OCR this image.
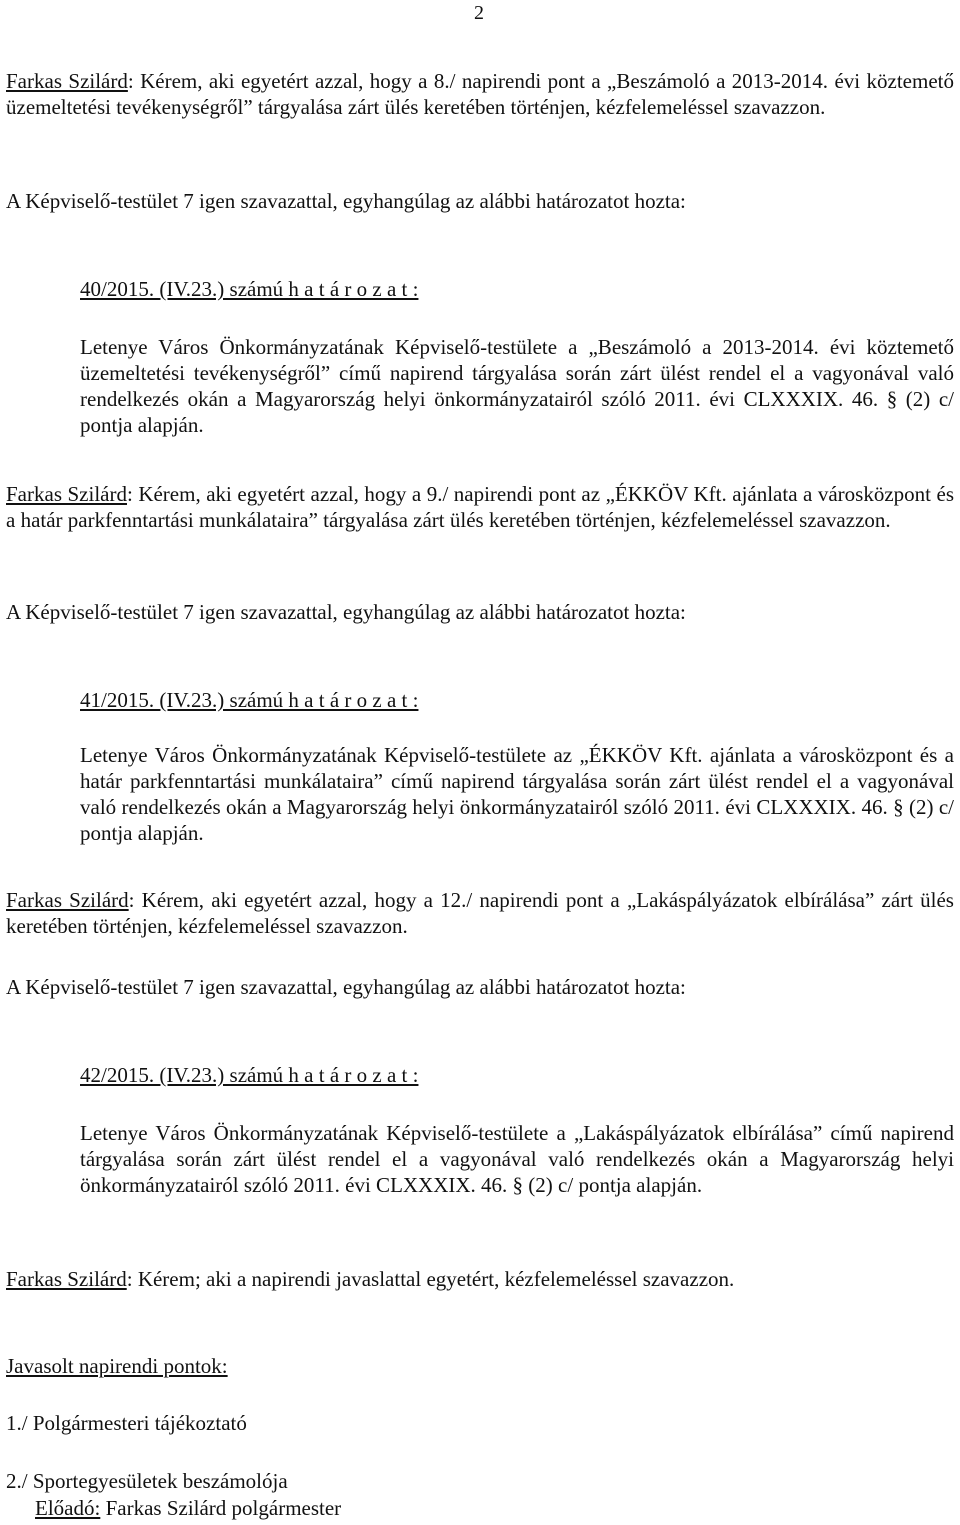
2

Farkas Szilárd: Kérem, aki egyetért azzal, hogy a 8./ napirendi pont a „Beszámoló a 2013-2014. évi köztemető üzemeltetési tevékenységről” tárgyalása zárt ülés keretében történjen, kézfelemeléssel szavazzon.

A Képviselő-testület 7 igen szavazattal, egyhangúlag az alábbi határozatot hozta:

40/2015. (IV.23.) számú h a t á r o z a t :

Letenye Város Önkormányzatának Képviselő-testülete a „Beszámoló a 2013-2014. évi köztemető üzemeltetési tevékenységről” című napirend tárgyalása során zárt ülést rendel el a vagyonával való rendelkezés okán a Magyarország helyi önkormányzatairól szóló 2011. évi CLXXXIX. 46. § (2) c/ pontja alapján.

Farkas Szilárd: Kérem, aki egyetért azzal, hogy a 9./ napirendi pont az „ÉKKÖV Kft. ajánlata a városközpont és a határ parkfenntartási munkálataira” tárgyalása zárt ülés keretében történjen, kézfelemeléssel szavazzon.

A Képviselő-testület 7 igen szavazattal, egyhangúlag az alábbi határozatot hozta:

41/2015. (IV.23.) számú h a t á r o z a t :

Letenye Város Önkormányzatának Képviselő-testülete az „ÉKKÖV Kft. ajánlata a városközpont és a határ parkfenntartási munkálataira” című napirend tárgyalása során zárt ülést rendel el a vagyonával való rendelkezés okán a Magyarország helyi önkormányzatairól szóló 2011. évi CLXXXIX. 46. § (2) c/ pontja alapján.

Farkas Szilárd: Kérem, aki egyetért azzal, hogy a 12./ napirendi pont a „Lakáspályázatok elbírálása” zárt ülés keretében történjen, kézfelemeléssel szavazzon.

A Képviselő-testület 7 igen szavazattal, egyhangúlag az alábbi határozatot hozta:

42/2015. (IV.23.) számú h a t á r o z a t :

Letenye Város Önkormányzatának Képviselő-testülete a „Lakáspályázatok elbírálása” című napirend tárgyalása során zárt ülést rendel el a vagyonával való rendelkezés okán a Magyarország helyi önkormányzatairól szóló 2011. évi CLXXXIX. 46. § (2) c/ pontja alapján.

Farkas Szilárd: Kérem; aki a napirendi javaslattal egyetért, kézfelemeléssel szavazzon.

Javasolt napirendi pontok:

1./ Polgármesteri tájékoztató

2./ Sportegyesületek beszámolója

Előadó: Farkas Szilárd polgármester
